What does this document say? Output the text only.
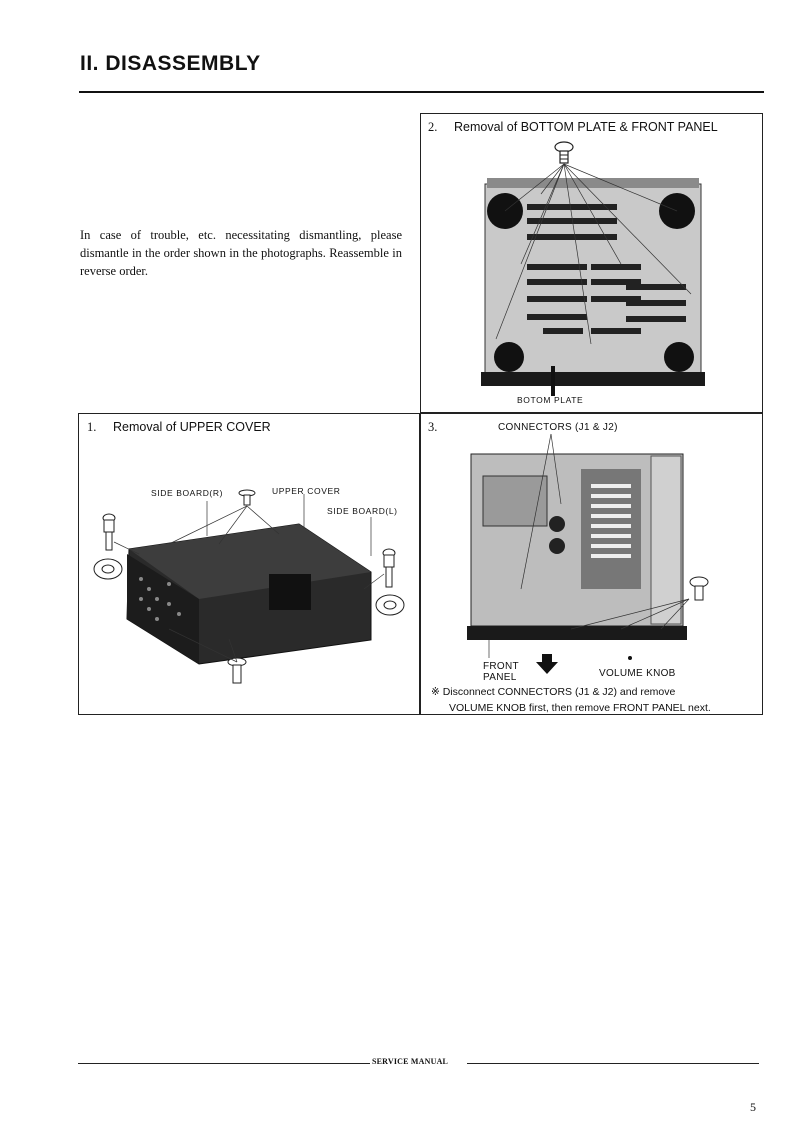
II. DISASSEMBLY
In case of trouble, etc. necessitating dismantling, please dismantle in the order shown in the photographs. Reassemble in reverse order.
2. Removal of BOTTOM PLATE & FRONT PANEL
BOTOM PLATE
1. Removal of UPPER COVER
SIDE BOARD(R)	UPPER COVER
SIDE BOARD(L)
3.	CONNECTORS (J1 & J2)
FRONT
PANEL	VOLUME KNOB
※ Disconnect CONNECTORS (J1 & J2) and remove
VOLUME KNOB first, then remove FRONT PANEL next.
SERVICE MANUAL
5
